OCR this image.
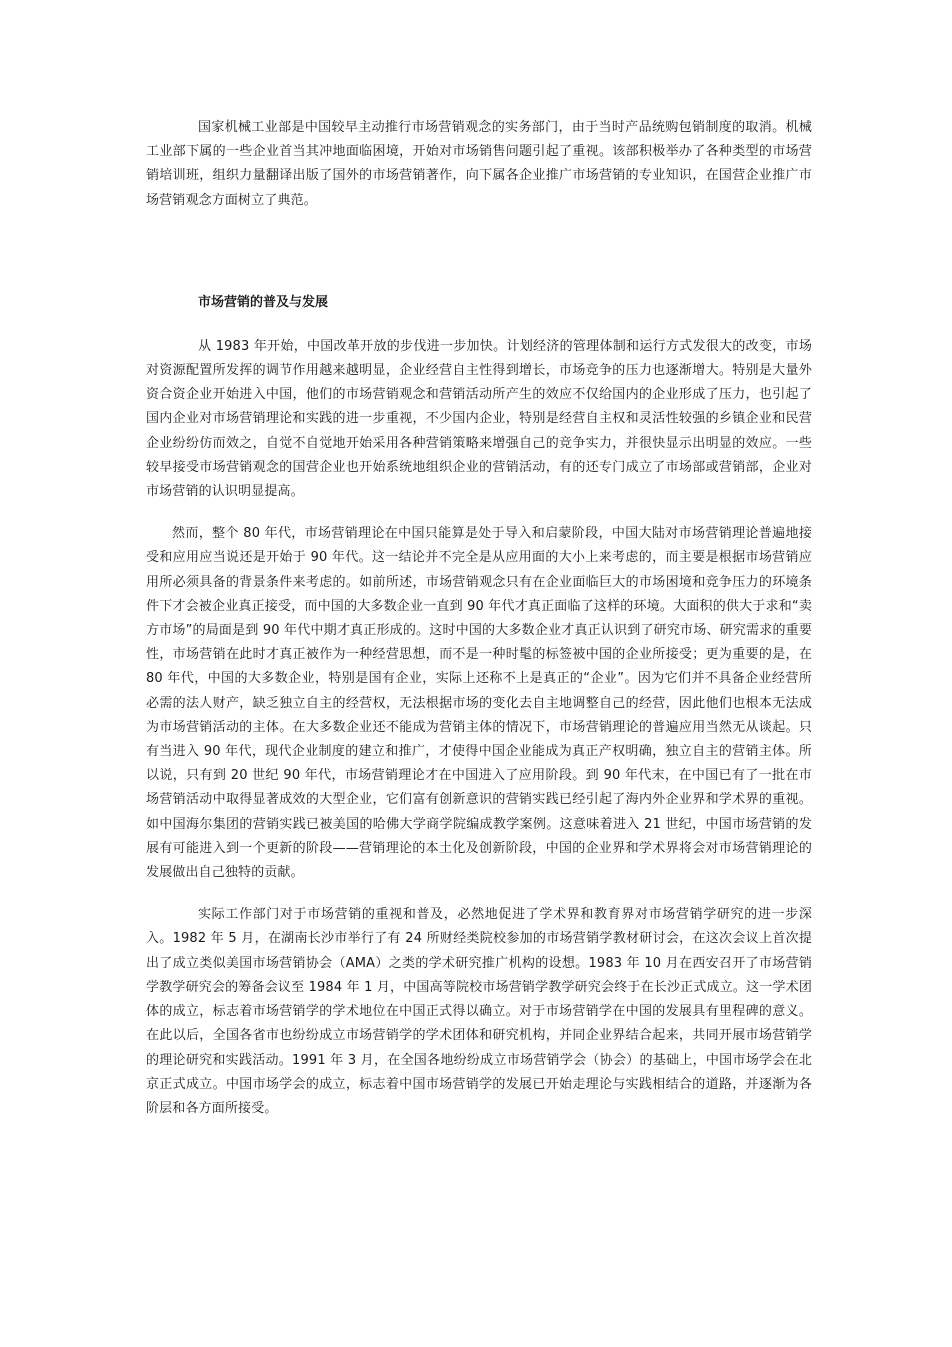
国家机械工业部是中国较早主动推行市场营销观念的实务部门，由于当时产品统购包销制度的取消。机械工业部下属的一些企业首当其冲地面临困境，开始对市场销售问题引起了重视。该部积极举办了各种类型的市场营销培训班，组织力量翻译出版了国外的市场营销著作，向下属各企业推广市场营销的专业知识，在国营企业推广市场营销观念方面树立了典范。

市场营销的普及与发展

从 1983 年开始，中国改革开放的步伐进一步加快。计划经济的管理体制和运行方式发很大的改变，市场对资源配置所发挥的调节作用越来越明显，企业经营自主性得到增长，市场竞争的压力也逐渐增大。特别是大量外资合资企业开始进入中国，他们的市场营销观念和营销活动所产生的效应不仅给国内的企业形成了压力，也引起了国内企业对市场营销理论和实践的进一步重视，不少国内企业，特别是经营自主权和灵活性较强的乡镇企业和民营企业纷纷仿而效之，自觉不自觉地开始采用各种营销策略来增强自己的竞争实力，并很快显示出明显的效应。一些较早接受市场营销观念的国营企业也开始系统地组织企业的营销活动，有的还专门成立了市场部或营销部，企业对市场营销的认识明显提高。

然而，整个 80 年代，市场营销理论在中国只能算是处于导入和启蒙阶段，中国大陆对市场营销理论普遍地接受和应用应当说还是开始于 90 年代。这一结论并不完全是从应用面的大小上来考虑的，而主要是根据市场营销应用所必须具备的背景条件来考虑的。如前所述，市场营销观念只有在企业面临巨大的市场困境和竞争压力的环境条件下才会被企业真正接受，而中国的大多数企业一直到 90 年代才真正面临了这样的环境。大面积的供大于求和“卖方市场”的局面是到 90 年代中期才真正形成的。这时中国的大多数企业才真正认识到了研究市场、研究需求的重要性，市场营销在此时才真正被作为一种经营思想，而不是一种时髦的标签被中国的企业所接受；更为重要的是，在 80 年代，中国的大多数企业，特别是国有企业，实际上还称不上是真正的“企业”。因为它们并不具备企业经营所必需的法人财产，缺乏独立自主的经营权，无法根据市场的变化去自主地调整自己的经营，因此他们也根本无法成为市场营销活动的主体。在大多数企业还不能成为营销主体的情况下，市场营销理论的普遍应用当然无从谈起。只有当进入 90 年代，现代企业制度的建立和推广，才使得中国企业能成为真正产权明确，独立自主的营销主体。所以说，只有到 20 世纪 90 年代，市场营销理论才在中国进入了应用阶段。到 90 年代末，在中国已有了一批在市场营销活动中取得显著成效的大型企业，它们富有创新意识的营销实践已经引起了海内外企业界和学术界的重视。如中国海尔集团的营销实践已被美国的哈佛大学商学院编成教学案例。这意味着进入 21 世纪，中国市场营销的发展有可能进入到一个更新的阶段——营销理论的本土化及创新阶段，中国的企业界和学术界将会对市场营销理论的发展做出自己独特的贡献。

实际工作部门对于市场营销的重视和普及，必然地促进了学术界和教育界对市场营销学研究的进一步深入。1982 年 5 月，在湖南长沙市举行了有 24 所财经类院校参加的市场营销学教材研讨会，在这次会议上首次提出了成立类似美国市场营销协会（AMA）之类的学术研究推广机构的设想。1983 年 10 月在西安召开了市场营销学教学研究会的筹备会议至 1984 年 1 月，中国高等院校市场营销学教学研究会终于在长沙正式成立。这一学术团体的成立，标志着市场营销学的学术地位在中国正式得以确立。对于市场营销学在中国的发展具有里程碑的意义。在此以后，全国各省市也纷纷成立市场营销学的学术团体和研究机构，并同企业界结合起来，共同开展市场营销学的理论研究和实践活动。1991 年 3 月，在全国各地纷纷成立市场营销学会（协会）的基础上，中国市场学会在北京正式成立。中国市场学会的成立，标志着中国市场营销学的发展已开始走理论与实践相结合的道路，并逐渐为各阶层和各方面所接受。
